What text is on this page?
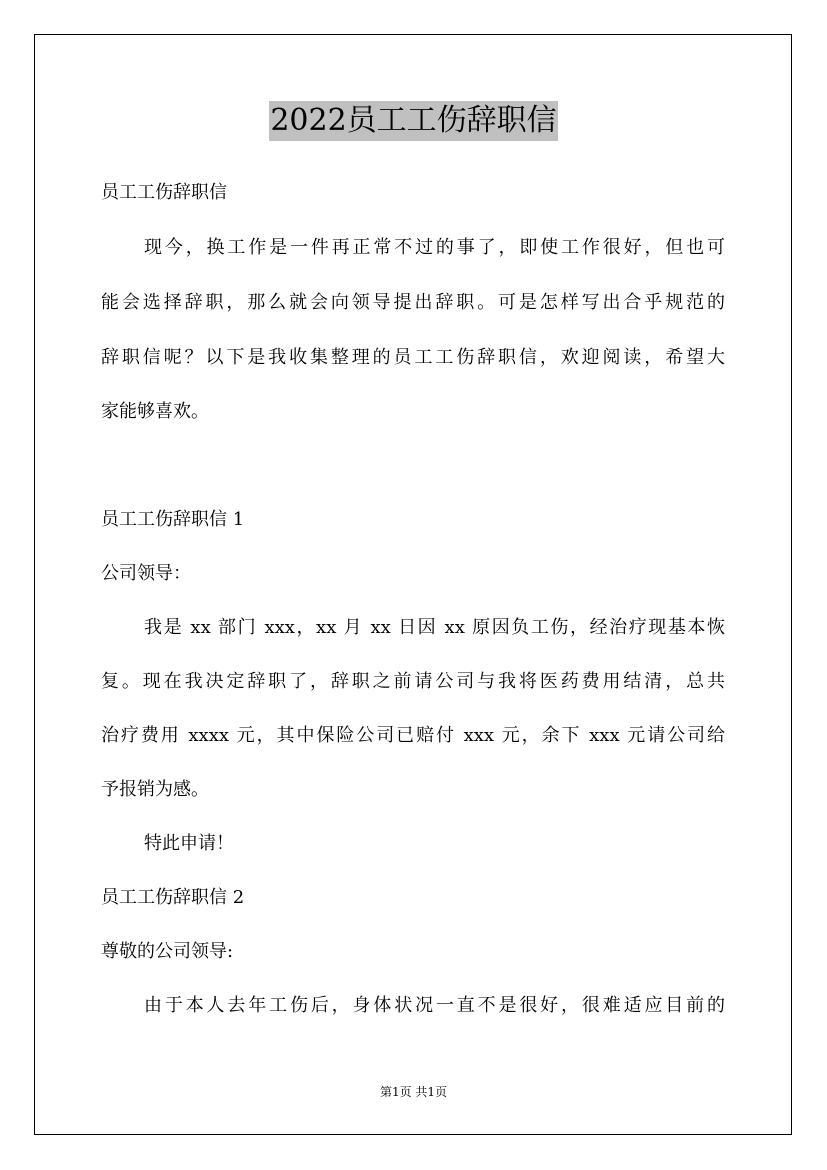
2022员工工伤辞职信
员工工伤辞职信
现今，换工作是一件再正常不过的事了，即使工作很好，但也可
能会选择辞职，那么就会向领导提出辞职。可是怎样写出合乎规范的
辞职信呢？以下是我收集整理的员工工伤辞职信，欢迎阅读，希望大
家能够喜欢。
员工工伤辞职信 1
公司领导：
我是 xx 部门 xxx，xx 月 xx 日因 xx 原因负工伤，经治疗现基本恢
复。现在我决定辞职了，辞职之前请公司与我将医药费用结清，总共
治疗费用 xxxx 元，其中保险公司已赔付 xxx 元，余下 xxx 元请公司给
予报销为感。
特此申请！
员工工伤辞职信 2
尊敬的公司领导:
由于本人去年工伤后，身体状况一直不是很好，很难适应目前的
第1页 共1页
